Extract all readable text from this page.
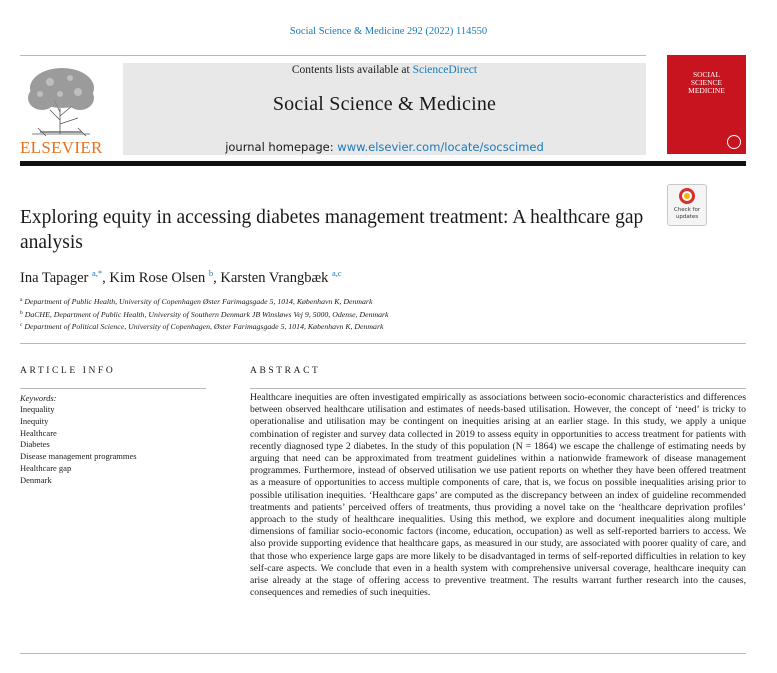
Social Science & Medicine 292 (2022) 114550
ELSEVIER
Contents lists available at ScienceDirect
Social Science & Medicine
journal homepage: www.elsevier.com/locate/socscimed
SOCIAL
SCIENCE
MEDICINE
Exploring equity in accessing diabetes management treatment: A healthcare gap analysis
Check for
updates
Ina Tapager $^{a,*}$, Kim Rose Olsen $^b$, Karsten Vrangbæk $^{a,c}$
$^a$ Department of Public Health, University of Copenhagen Øster Farimagsgade 5, 1014, København K, Denmark
$^b$ DaCHE, Department of Public Health, University of Southern Denmark JB Winsløws Vej 9, 5000, Odense, Denmark
$^c$ Department of Political Science, University of Copenhagen, Øster Farimagsgade 5, 1014, København K, Denmark
ARTICLE INFO
Keywords:
Inequality
Inequity
Healthcare
Diabetes
Disease management programmes
Healthcare gap
Denmark
ABSTRACT

Healthcare inequities are often investigated empirically as associations between socio-economic characteristics and differences between observed healthcare utilisation and estimates of needs-based utilisation. However, the concept of ‘need’ is tricky to operationalise and utilisation may be contingent on inequities arising at an earlier stage. In this study, we apply a unique combination of register and survey data collected in 2019 to assess equity in opportunities to access treatment for patients with recently diagnosed type 2 diabetes. In the study of this population (N = 1864) we escape the challenge of estimating needs by arguing that need can be approximated from treatment guidelines within a nationwide framework of disease management programmes. Furthermore, instead of observed utilisation we use patient reports on whether they have been offered treatment as a measure of opportunities to access multiple components of care, that is, we focus on possible inequalities arising prior to possible utilisation inequities. ‘Healthcare gaps’ are computed as the discrepancy between an index of guideline recommended treatments and patients’ perceived offers of treatments, thus providing a novel take on the ‘healthcare deprivation profiles’ approach to the study of healthcare inequalities. Using this method, we explore and document inequalities along multiple dimensions of familiar socio-economic factors (income, education, occupation) as well as self-reported barriers to access. We also provide supporting evidence that healthcare gaps, as measured in our study, are associated with poorer quality of care, and that those who experience large gaps are more likely to be disadvantaged in terms of self-reported difficulties in relation to key self-care aspects. We conclude that even in a health system with comprehensive universal coverage, healthcare inequity can arise already at the stage of offering access to preventive treatment. The results warrant further research into the causes, consequences and remedies of such inequities.
